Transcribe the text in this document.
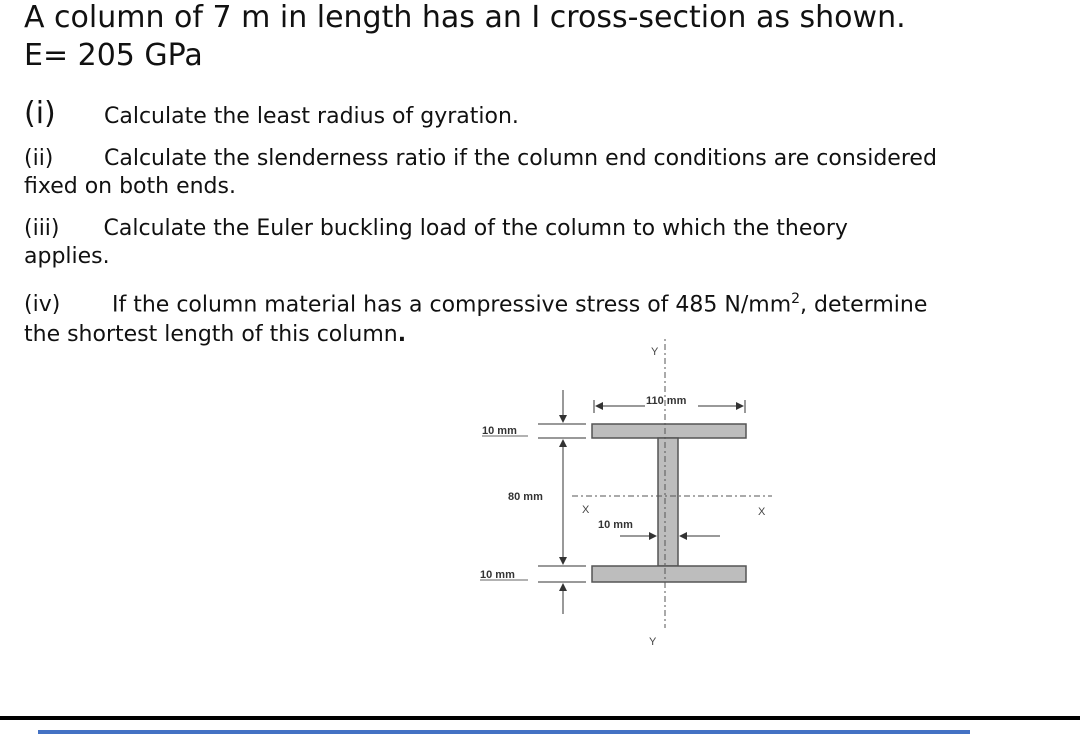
A column of 7 m in length has an I cross-section as shown.
E= 205 GPa
(i) Calculate the least radius of gyration.
(ii) Calculate the slenderness ratio if the column end conditions are considered
fixed on both ends.
(iii) Calculate the Euler buckling load of the column to which the theory
applies.
(iv) If the column material has a compressive stress of 485 $N/mm^2$, determine
the shortest length of this column.
Y
Y
X	X
110 mm
10 mm
80 mm
10 mm
10 mm
